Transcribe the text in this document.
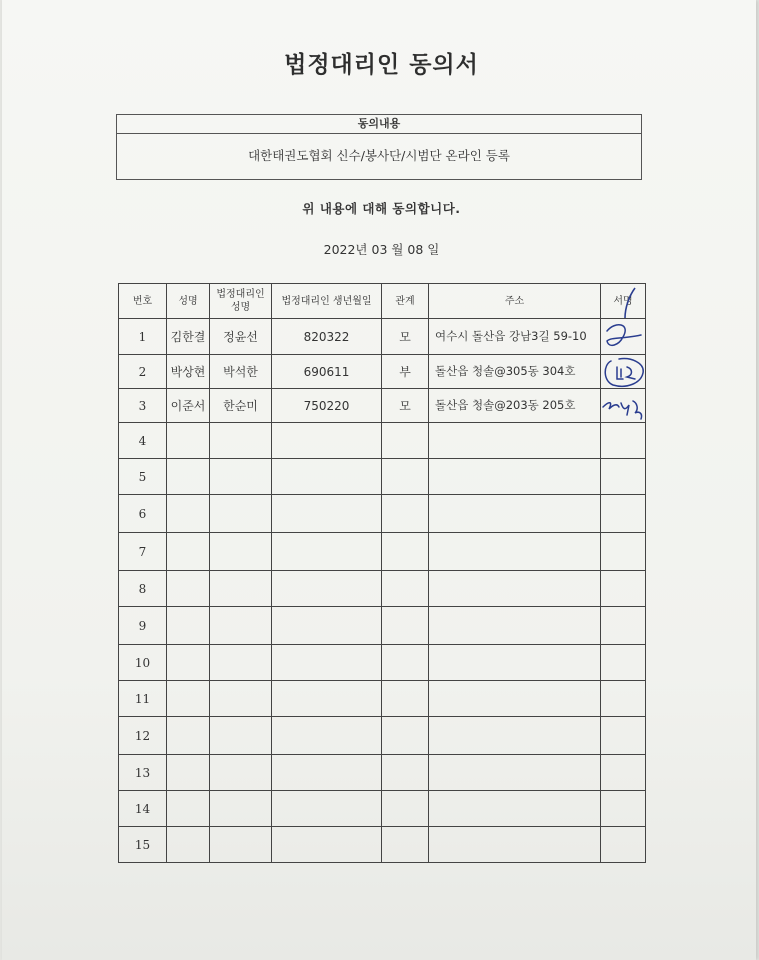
법정대리인 동의서
동의내용
대한태권도협회 신수/봉사단/시범단 온라인 등록
위 내용에 대해 동의합니다.
2022년 03 월 08 일
번호	성명	법정대리인 성명	법정대리인 생년월일	관계	주소	서명

1	김한결	정윤선	820322	모	여수시 돌산읍 강남3길 59-10	

2	박상현	박석한	690611	부	돌산읍 청솔@305동 304호	

3	이준서	한순미	750220	모	돌산읍 청솔@203동 205호	

4						
5						
6						
7						
8						
9						
10						
11						
12						
13						
14						
15						
